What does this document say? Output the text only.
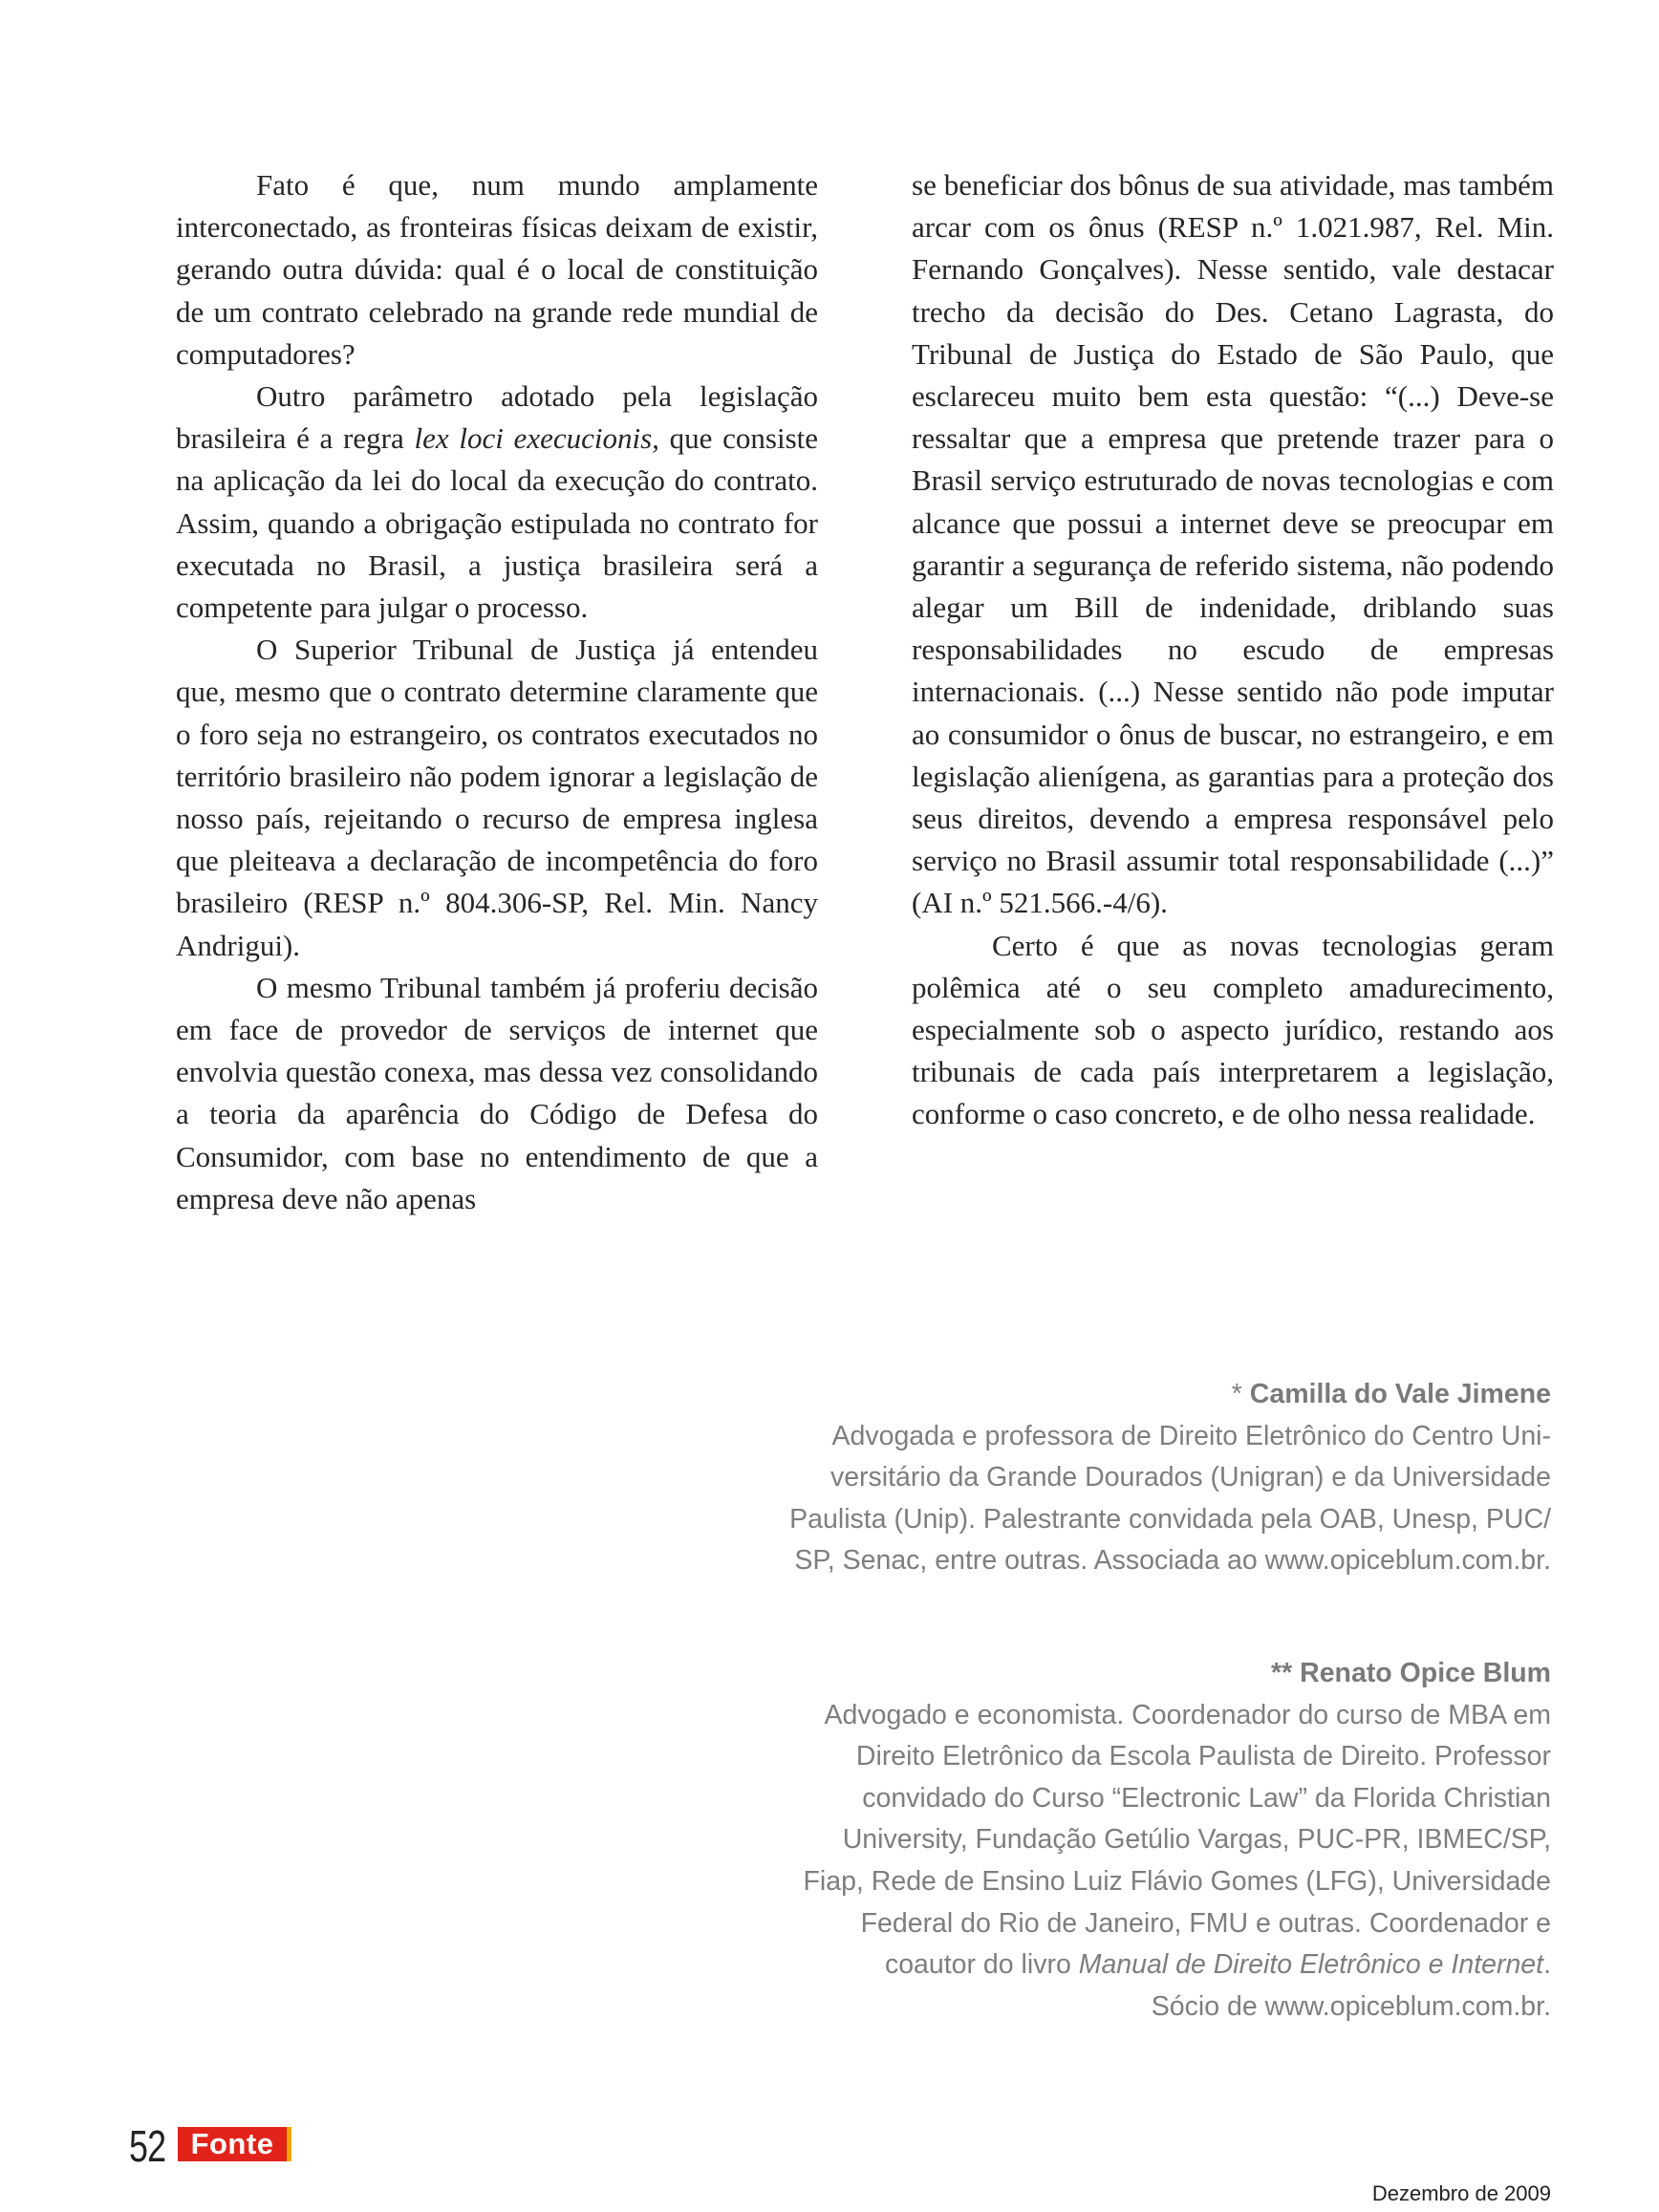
Fato é que, num mundo amplamente interconectado, as fronteiras físicas deixam de existir, gerando outra dúvida: qual é o local de constituição de um contrato celebrado na grande rede mundial de computadores?

Outro parâmetro adotado pela legislação brasileira é a regra lex loci execucionis, que consiste na aplicação da lei do local da execução do contrato. Assim, quando a obrigação estipulada no contrato for executada no Brasil, a justiça brasileira será a competente para julgar o processo.

O Superior Tribunal de Justiça já entendeu que, mesmo que o contrato determine claramente que o foro seja no estrangeiro, os contratos executados no território brasileiro não podem ignorar a legislação de nosso país, rejeitando o recurso de empresa inglesa que pleiteava a declaração de incompetência do foro brasileiro (RESP n.º 804.306-SP, Rel. Min. Nancy Andrigui).

O mesmo Tribunal também já proferiu decisão em face de provedor de serviços de internet que envolvia questão conexa, mas dessa vez consolidando a teoria da aparência do Código de Defesa do Consumidor, com base no entendimento de que a empresa deve não apenas

se beneficiar dos bônus de sua atividade, mas também arcar com os ônus (RESP n.º 1.021.987, Rel. Min. Fernando Gonçalves). Nesse sentido, vale destacar trecho da decisão do Des. Cetano Lagrasta, do Tribunal de Justiça do Estado de São Paulo, que esclareceu muito bem esta questão: “(...) Deve-se ressaltar que a empresa que pretende trazer para o Brasil serviço estruturado de novas tecnologias e com alcance que possui a internet deve se preocupar em garantir a segurança de referido sistema, não podendo alegar um Bill de indenidade, driblando suas responsabilidades no escudo de empresas internacionais. (...) Nesse sentido não pode imputar ao consumidor o ônus de buscar, no estrangeiro, e em legislação alienígena, as garantias para a proteção dos seus direitos, devendo a empresa responsável pelo serviço no Brasil assumir total responsabilidade (...)” (AI n.º 521.566.-4/6).

Certo é que as novas tecnologias geram polêmica até o seu completo amadurecimento, especialmente sob o aspecto jurídico, restando aos tribunais de cada país interpretarem a legislação, conforme o caso concreto, e de olho nessa realidade.

* Camilla do Vale Jimene
Advogada e professora de Direito Eletrônico do Centro Uni-
versitário da Grande Dourados (Unigran) e da Universidade
Paulista (Unip). Palestrante convidada pela OAB, Unesp, PUC/
SP, Senac, entre outras. Associada ao www.opiceblum.com.br.
** Renato Opice Blum
Advogado e economista. Coordenador do curso de MBA em
Direito Eletrônico da Escola Paulista de Direito. Professor
convidado do Curso “Electronic Law” da Florida Christian
University, Fundação Getúlio Vargas, PUC-PR, IBMEC/SP,
Fiap, Rede de Ensino Luiz Flávio Gomes (LFG), Universidade
Federal do Rio de Janeiro, FMU e outras. Coordenador e
coautor do livro Manual de Direito Eletrônico e Internet.
Sócio de www.opiceblum.com.br.
52 Fonte
Dezembro de 2009
